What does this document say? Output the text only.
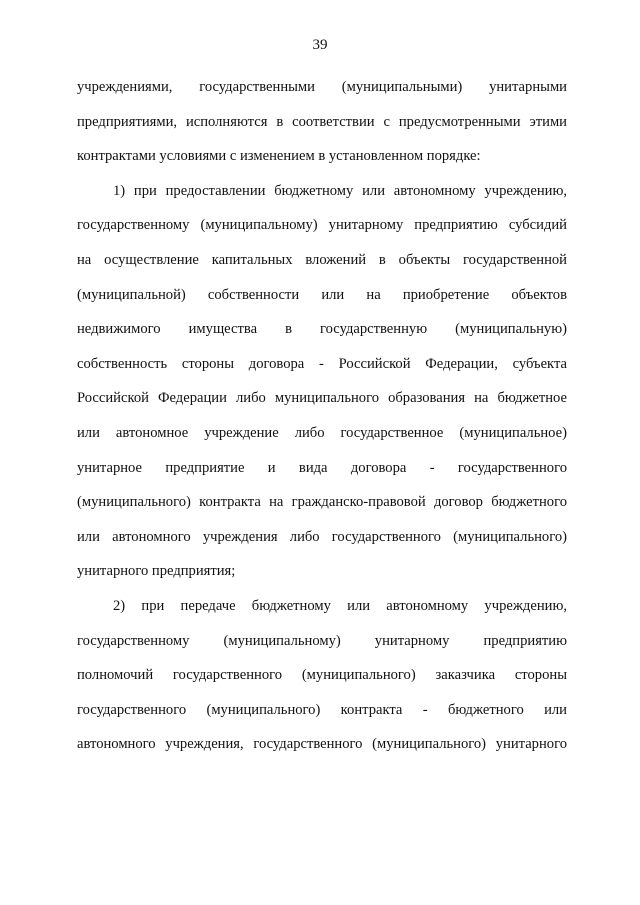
39
учреждениями, государственными (муниципальными) унитарными
предприятиями, исполняются в соответствии с предусмотренными этими
контрактами условиями с изменением в установленном порядке:
1) при предоставлении бюджетному или автономному учреждению,
государственному (муниципальному) унитарному предприятию субсидий
на осуществление капитальных вложений в объекты государственной
(муниципальной) собственности или на приобретение объектов
недвижимого имущества в государственную (муниципальную)
собственность стороны договора - Российской Федерации, субъекта
Российской Федерации либо муниципального образования на бюджетное
или автономное учреждение либо государственное (муниципальное)
унитарное предприятие и вида договора - государственного
(муниципального) контракта на гражданско-правовой договор бюджетного
или автономного учреждения либо государственного (муниципального)
унитарного предприятия;
2) при передаче бюджетному или автономному учреждению,
государственному (муниципальному) унитарному предприятию
полномочий государственного (муниципального) заказчика стороны
государственного (муниципального) контракта - бюджетного или
автономного учреждения, государственного (муниципального) унитарного
